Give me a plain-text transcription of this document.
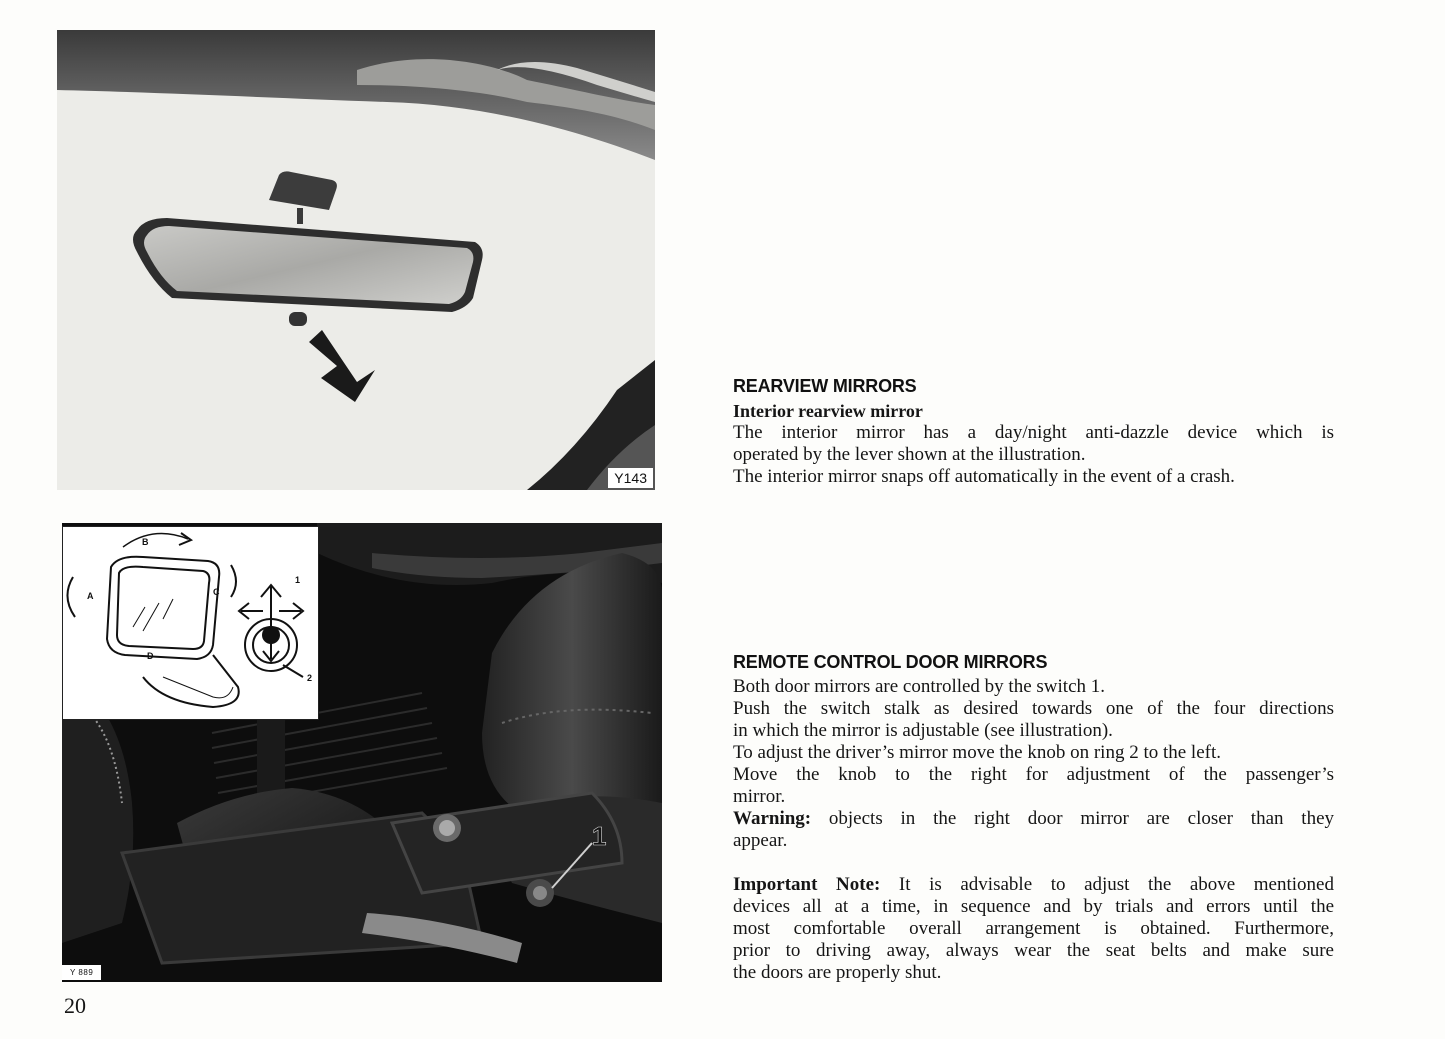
Y143
1
Y 889
B
A	C
D
1
2
20
REARVIEW MIRRORS
Interior rearview mirror

The interior mirror has a day/night anti-dazzle device which is
operated by the lever shown at the illustration.
The interior mirror snaps off automatically in the event of a crash.

REMOTE CONTROL DOOR MIRRORS

Both door mirrors are controlled by the switch 1.
Push the switch stalk as desired towards one of the four directions
in which the mirror is adjustable (see illustration).
To adjust the driver’s mirror move the knob on ring 2 to the left.
Move the knob to the right for adjustment of the passenger’s
mirror.
Warning: objects in the right door mirror are closer than they
appear.

Important Note: It is advisable to adjust the above mentioned
devices all at a time, in sequence and by trials and errors until the
most comfortable overall arrangement is obtained. Furthermore,
prior to driving away, always wear the seat belts and make sure
the doors are properly shut.
